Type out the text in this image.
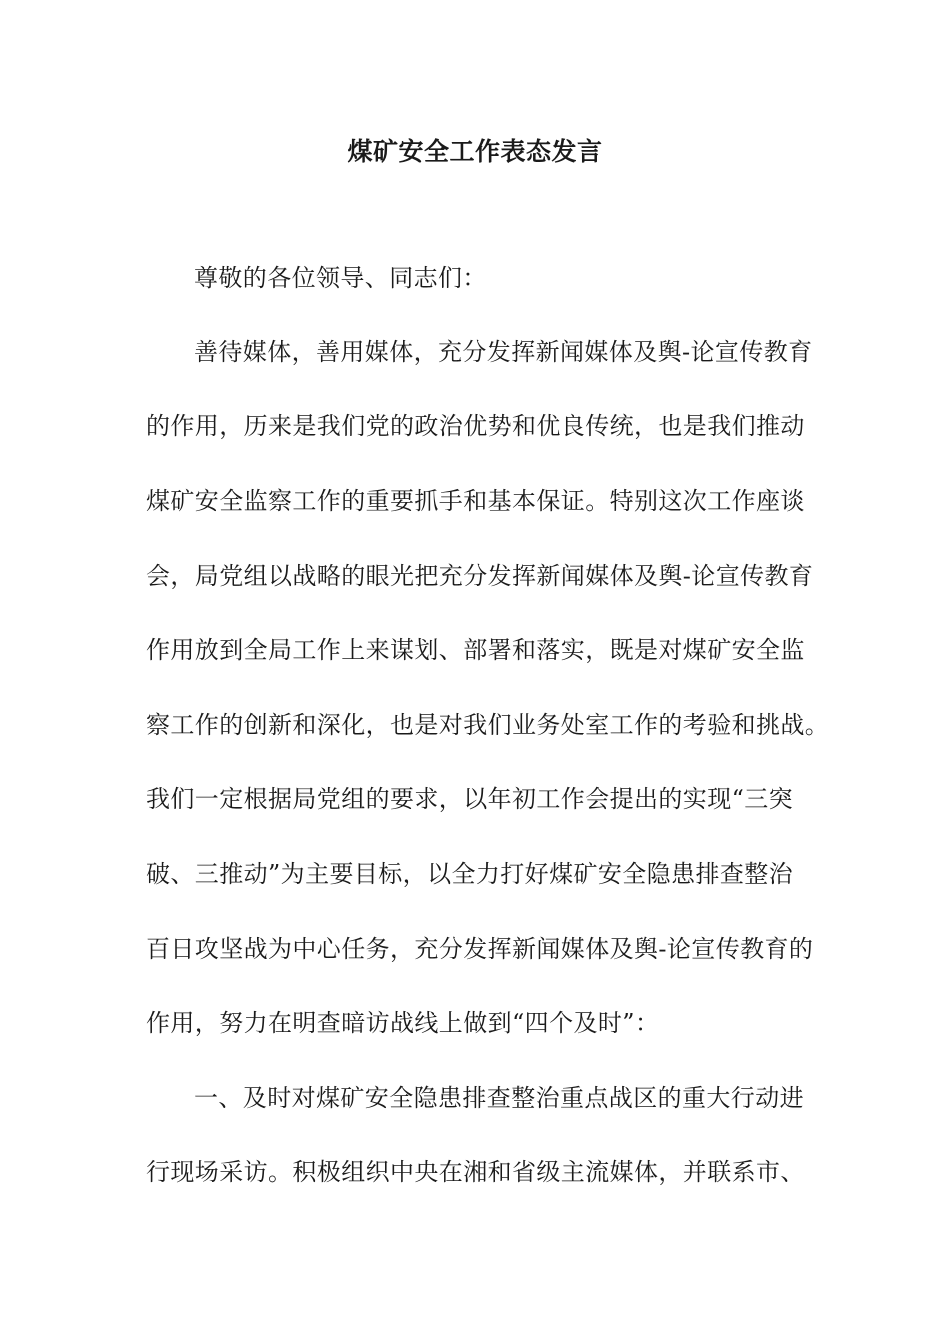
煤矿安全工作表态发言
尊敬的各位领导、同志们：
善待媒体，善用媒体，充分发挥新闻媒体及舆-论宣传教育
的作用，历来是我们党的政治优势和优良传统，也是我们推动
煤矿安全监察工作的重要抓手和基本保证。特别这次工作座谈
会，局党组以战略的眼光把充分发挥新闻媒体及舆-论宣传教育
作用放到全局工作上来谋划、部署和落实，既是对煤矿安全监
察工作的创新和深化，也是对我们业务处室工作的考验和挑战。
我们一定根据局党组的要求，以年初工作会提出的实现“三突
破、三推动”为主要目标，以全力打好煤矿安全隐患排查整治
百日攻坚战为中心任务，充分发挥新闻媒体及舆-论宣传教育的
作用，努力在明查暗访战线上做到“四个及时”：
一、及时对煤矿安全隐患排查整治重点战区的重大行动进
行现场采访。积极组织中央在湘和省级主流媒体，并联系市、
